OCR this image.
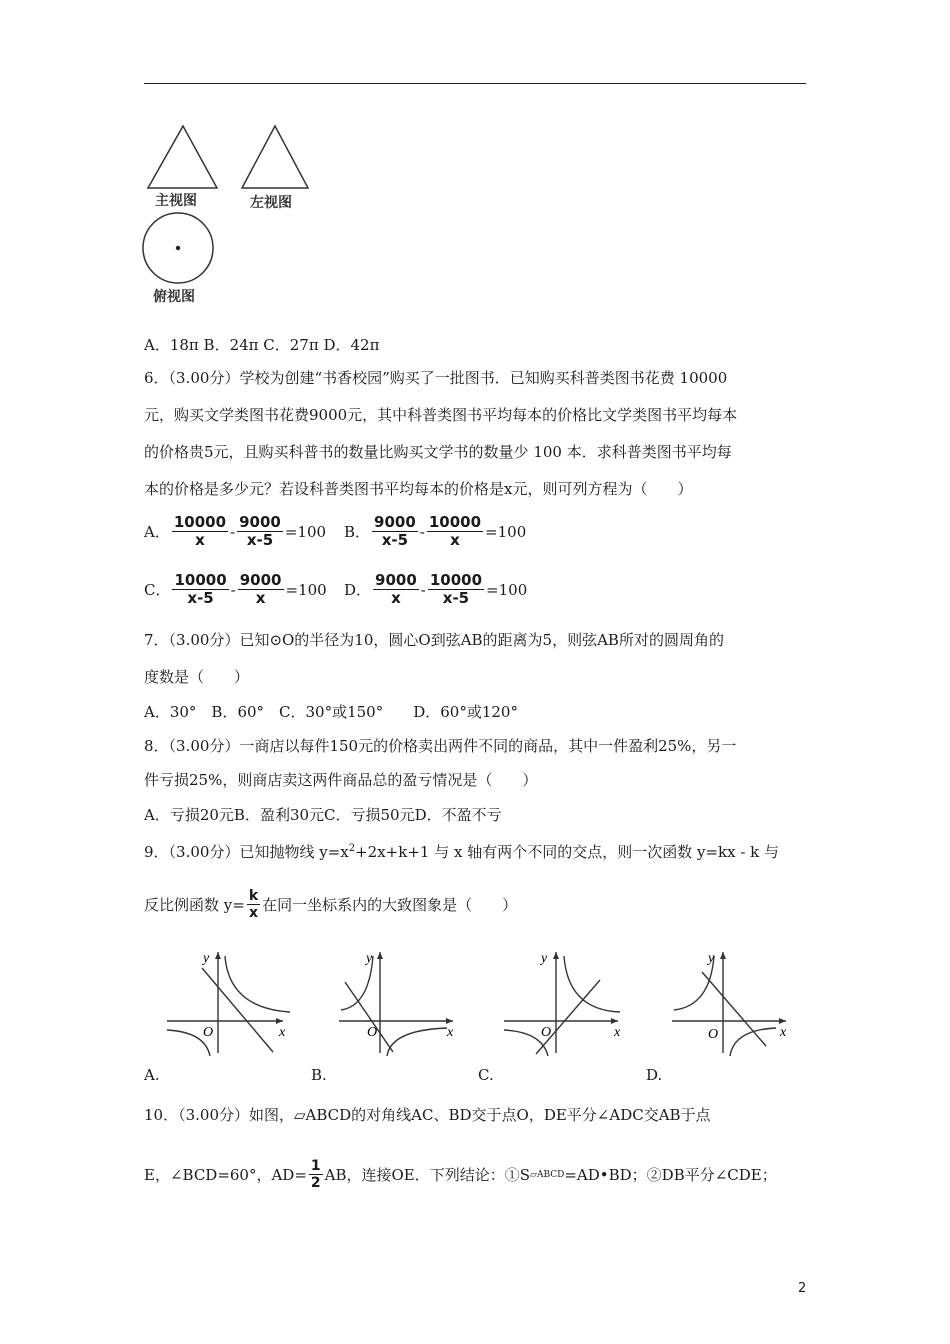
主视图	左视图
俯视图
A．18π B．24π C．27π D．42π
6．（3.00分）学校为创建“书香校园”购买了一批图书．已知购买科普类图书花费 10000
元，购买文学类图书花费9000元，其中科普类图书平均每本的价格比文学类图书平均每本
的价格贵5元，且购买科普书的数量比购买文学书的数量少 100 本．求科普类图书平均每
本的价格是多少元？若设科普类图书平均每本的价格是x元，则可列方程为（　　）
A． $\frac{10000}{x} - \frac{9000}{x-5} =100$ B． $\frac{9000}{x-5} - \frac{10000}{x} =100$
C． $\frac{10000}{x-5} - \frac{9000}{x} =100$ D． $\frac{9000}{x} - \frac{10000}{x-5} =100$
7．（3.00分）已知⊙O的半径为10，圆心O到弦AB的距离为5，则弦AB所对的圆周角的
度数是（　　）
A．30°　B．60°　C．30°或150°　　D．60°或120°
8．（3.00分）一商店以每件150元的价格卖出两件不同的商品，其中一件盈利25%，另一
件亏损25%，则商店卖这两件商品总的盈亏情况是（　　）
A．亏损20元B．盈利30元C．亏损50元D．不盈不亏
9．（3.00分）已知抛物线 $y=x^2+2x+k+1$ 与 x 轴有两个不同的交点，则一次函数 y=kx - k 与
反比例函数 $y= \frac{k}{x}$ 在同一坐标系内的大致图象是（　　）
x
y
O
A.
x
y
O
B.
x
y
O
C.
x
y
O
D.
10．（3.00分）如图，▱ABCD的对角线AC、BD交于点O，DE平分∠ADC交AB于点
E，∠BCD=60°，$AD= \frac{1}{2}$ AB，连接OE．下列结论：①S ▱ABCD =AD•BD；②DB平分∠CDE；
2
